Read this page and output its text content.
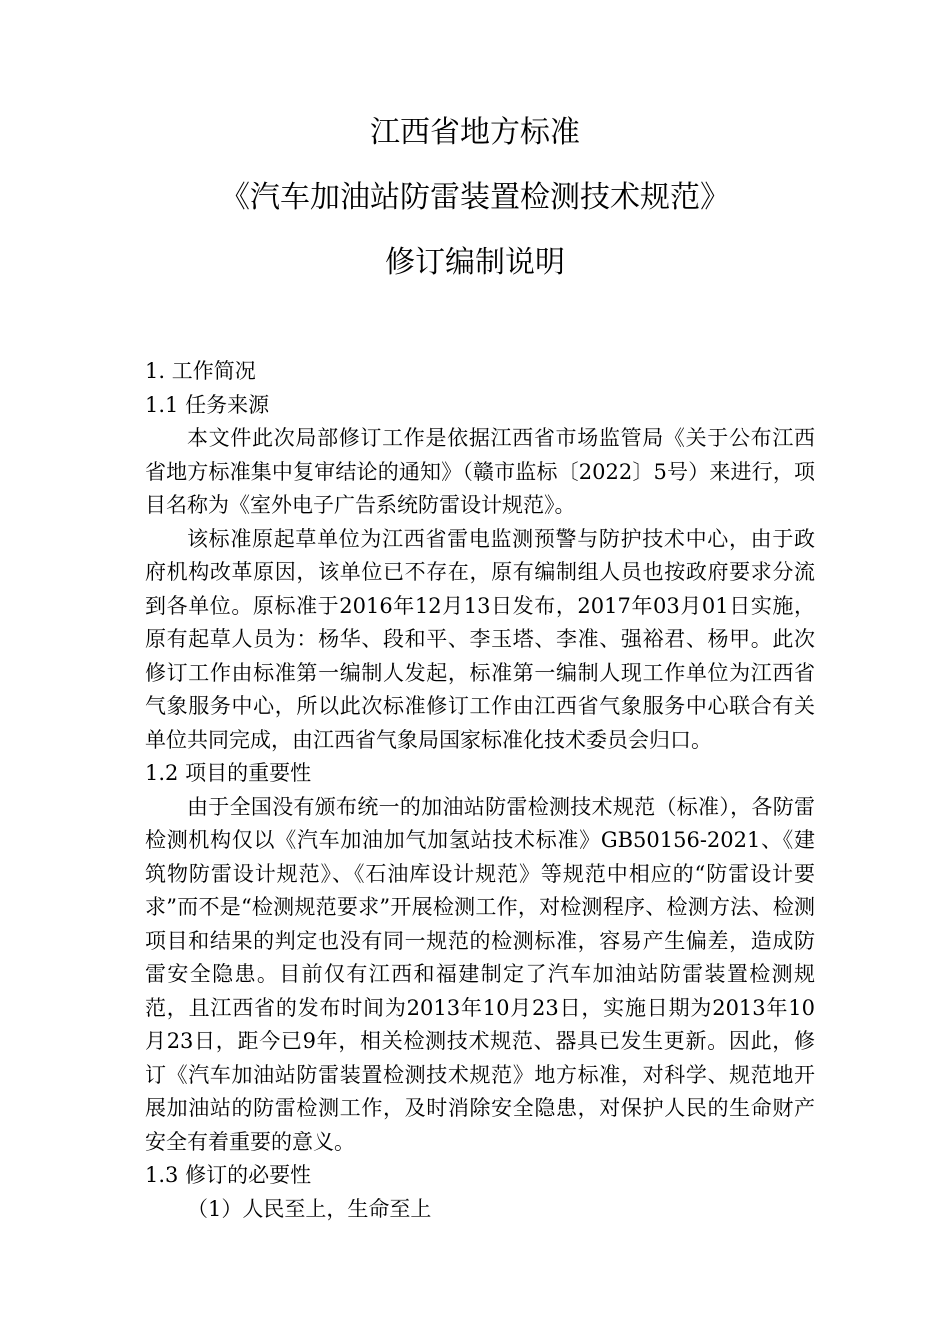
江西省地方标准
《汽车加油站防雷装置检测技术规范》
修订编制说明
1. 工作简况
1.1 任务来源

本文件此次局部修订工作是依据江西省市场监管局《关于公布江西省地方标准集中复审结论的通知》（赣市监标〔2022〕5号）来进行，项目名称为《室外电子广告系统防雷设计规范》。

该标准原起草单位为江西省雷电监测预警与防护技术中心，由于政府机构改革原因，该单位已不存在，原有编制组人员也按政府要求分流到各单位。原标准于2016年12月13日发布，2017年03月01日实施，原有起草人员为：杨华、段和平、李玉塔、李准、强裕君、杨甲。此次修订工作由标准第一编制人发起，标准第一编制人现工作单位为江西省气象服务中心，所以此次标准修订工作由江西省气象服务中心联合有关单位共同完成，由江西省气象局国家标准化技术委员会归口。

1.2 项目的重要性

由于全国没有颁布统一的加油站防雷检测技术规范（标准），各防雷检测机构仅以《汽车加油加气加氢站技术标准》GB50156-2021、《建筑物防雷设计规范》、《石油库设计规范》等规范中相应的“防雷设计要求”而不是“检测规范要求”开展检测工作，对检测程序、检测方法、检测项目和结果的判定也没有同一规范的检测标准，容易产生偏差，造成防雷安全隐患。目前仅有江西和福建制定了汽车加油站防雷装置检测规范，且江西省的发布时间为2013年10月23日，实施日期为2013年10月23日，距今已9年，相关检测技术规范、器具已发生更新。因此，修订《汽车加油站防雷装置检测技术规范》地方标准，对科学、规范地开展加油站的防雷检测工作，及时消除安全隐患，对保护人民的生命财产安全有着重要的意义。

1.3 修订的必要性
（1）人民至上，生命至上
